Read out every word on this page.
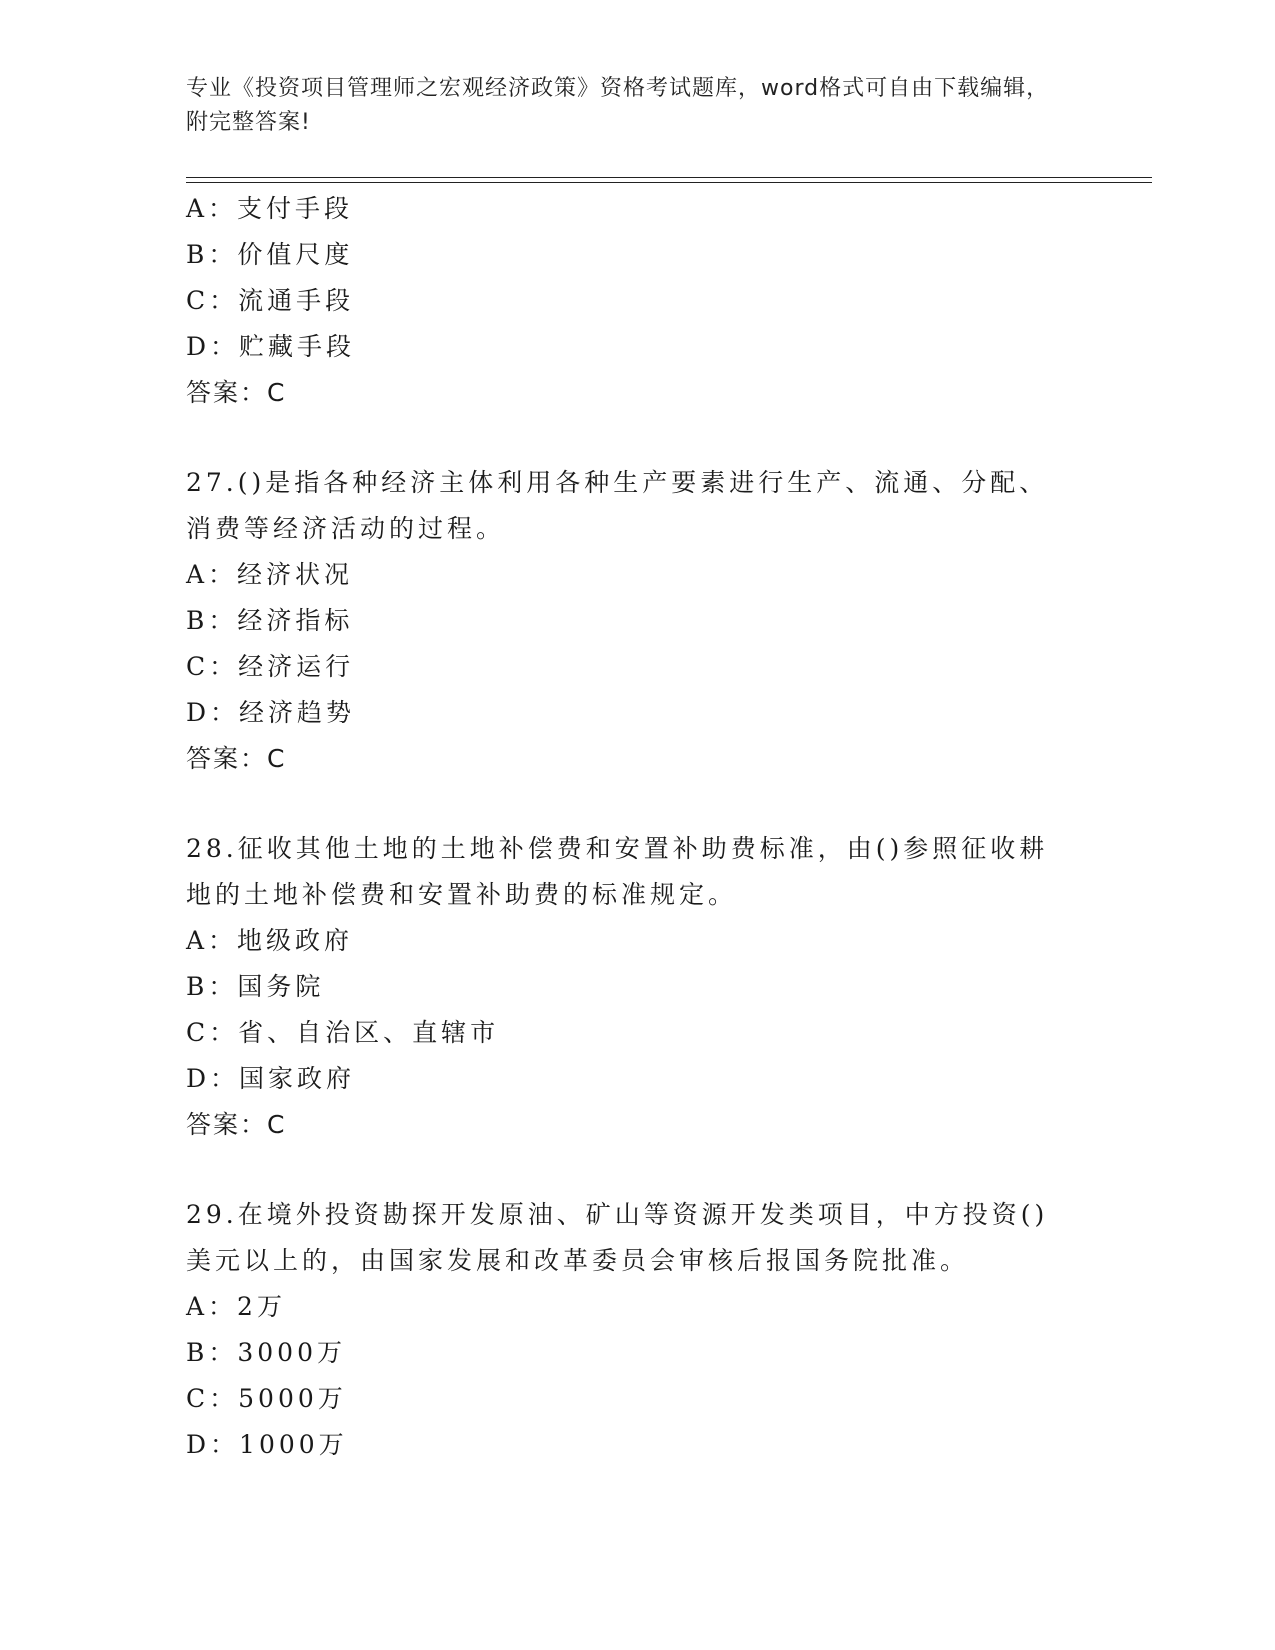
专业《投资项目管理师之宏观经济政策》资格考试题库，word格式可自由下载编辑，附完整答案!
A：支付手段
B：价值尺度
C：流通手段
D：贮藏手段
答案：C
27.()是指各种经济主体利用各种生产要素进行生产、流通、分配、消费等经济活动的过程。
A：经济状况
B：经济指标
C：经济运行
D：经济趋势
答案：C
28.征收其他土地的土地补偿费和安置补助费标准，由()参照征收耕地的土地补偿费和安置补助费的标准规定。
A：地级政府
B：国务院
C：省、自治区、直辖市
D：国家政府
答案：C
29.在境外投资勘探开发原油、矿山等资源开发类项目，中方投资()美元以上的，由国家发展和改革委员会审核后报国务院批准。
A：2万
B：3000万
C：5000万
D：1000万
